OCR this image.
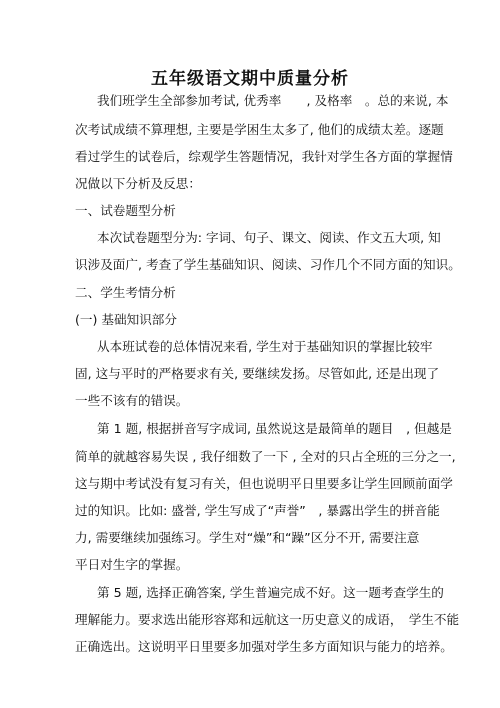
五年级语文期中质量分析
我们班学生全部参加考试, 优秀率　　, 及格率　。总的来说, 本
次考试成绩不算理想, 主要是学困生太多了, 他们的成绩太差。逐题
看过学生的试卷后，综观学生答题情况，我针对学生各方面的掌握情
况做以下分析及反思：
一、试卷题型分析
本次试卷题型分为: 字词、句子、课文、阅读、作文五大项, 知
识涉及面广, 考查了学生基础知识、阅读、习作几个不同方面的知识。
二、学生考情分析
(一) 基础知识部分
从本班试卷的总体情况来看, 学生对于基础知识的掌握比较牢
固, 这与平时的严格要求有关, 要继续发扬。尽管如此, 还是出现了
一些不该有的错误。
第 1 题, 根据拼音写字成词, 虽然说这是最简单的题目　, 但越是
简单的就越容易失误 , 我仔细数了一下 , 全对的只占全班的三分之一,
这与期中考试没有复习有关，但也说明平日里要多让学生回顾前面学
过的知识。比如: 盛誉, 学生写成了“声誉”　, 暴露出学生的拼音能
力, 需要继续加强练习。学生对“燥”和“躁”区分不开, 需要注意
平日对生字的掌握。
第 5 题, 选择正确答案, 学生普遍完成不好。这一题考查学生的
理解能力。要求选出能形容郑和远航这一历史意义的成语，　学生不能
正确选出。这说明平日里要多加强对学生多方面知识与能力的培养。
